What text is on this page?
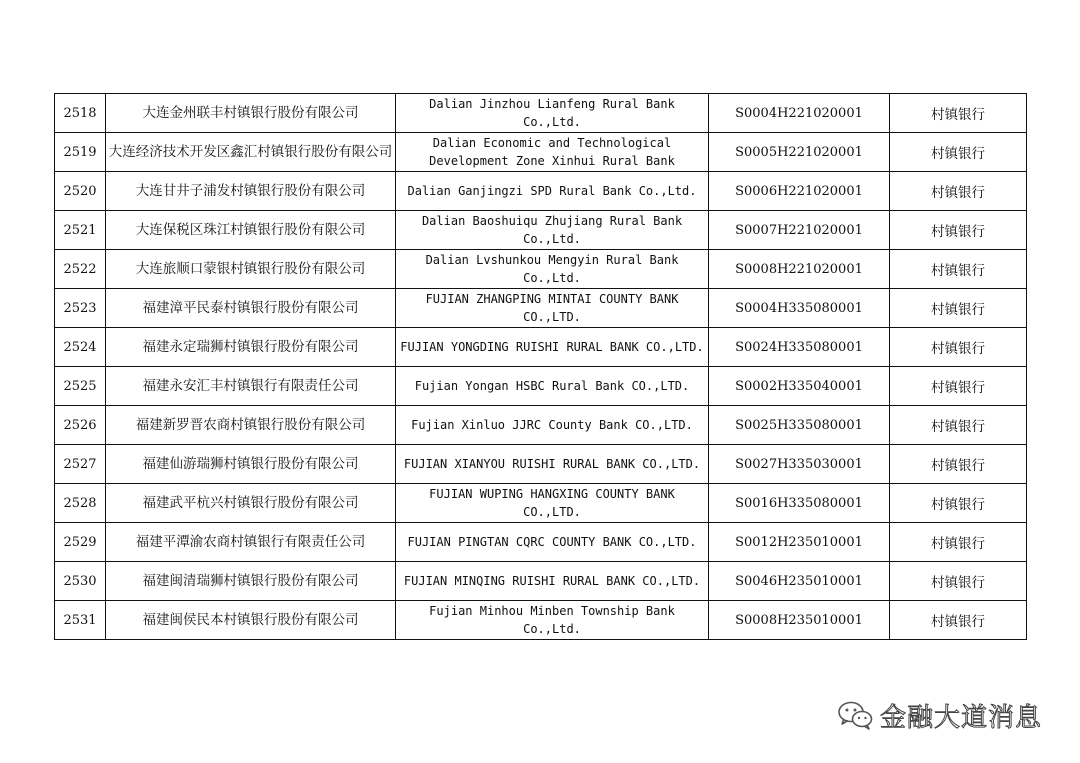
2518	大连金州联丰村镇银行股份有限公司	Dalian Jinzhou Lianfeng Rural Bank Co.,Ltd.	S0004H221020001	村镇银行
2519	大连经济技术开发区鑫汇村镇银行股份有限公司	Dalian Economic and Technological Development Zone Xinhui Rural Bank	S0005H221020001	村镇银行
2520	大连甘井子浦发村镇银行股份有限公司	Dalian Ganjingzi SPD Rural Bank Co.,Ltd.	S0006H221020001	村镇银行
2521	大连保税区珠江村镇银行股份有限公司	Dalian Baoshuiqu Zhujiang Rural Bank Co.,Ltd.	S0007H221020001	村镇银行
2522	大连旅顺口蒙银村镇银行股份有限公司	Dalian Lvshunkou Mengyin Rural Bank Co.,Ltd.	S0008H221020001	村镇银行
2523	福建漳平民泰村镇银行股份有限公司	FUJIAN ZHANGPING MINTAI COUNTY BANK CO.,LTD.	S0004H335080001	村镇银行
2524	福建永定瑞狮村镇银行股份有限公司	FUJIAN YONGDING RUISHI RURAL BANK CO.,LTD.	S0024H335080001	村镇银行
2525	福建永安汇丰村镇银行有限责任公司	Fujian Yongan HSBC Rural Bank CO.,LTD.	S0002H335040001	村镇银行
2526	福建新罗晋农商村镇银行股份有限公司	Fujian Xinluo JJRC County Bank CO.,LTD.	S0025H335080001	村镇银行
2527	福建仙游瑞狮村镇银行股份有限公司	FUJIAN XIANYOU RUISHI RURAL BANK CO.,LTD.	S0027H335030001	村镇银行
2528	福建武平杭兴村镇银行股份有限公司	FUJIAN WUPING HANGXING COUNTY BANK CO.,LTD.	S0016H335080001	村镇银行
2529	福建平潭渝农商村镇银行有限责任公司	FUJIAN PINGTAN CQRC COUNTY BANK CO.,LTD.	S0012H235010001	村镇银行
2530	福建闽清瑞狮村镇银行股份有限公司	FUJIAN MINQING RUISHI RURAL BANK CO.,LTD.	S0046H235010001	村镇银行
2531	福建闽侯民本村镇银行股份有限公司	Fujian Minhou Minben Township Bank Co.,Ltd.	S0008H235010001	村镇银行
金融大道消息
